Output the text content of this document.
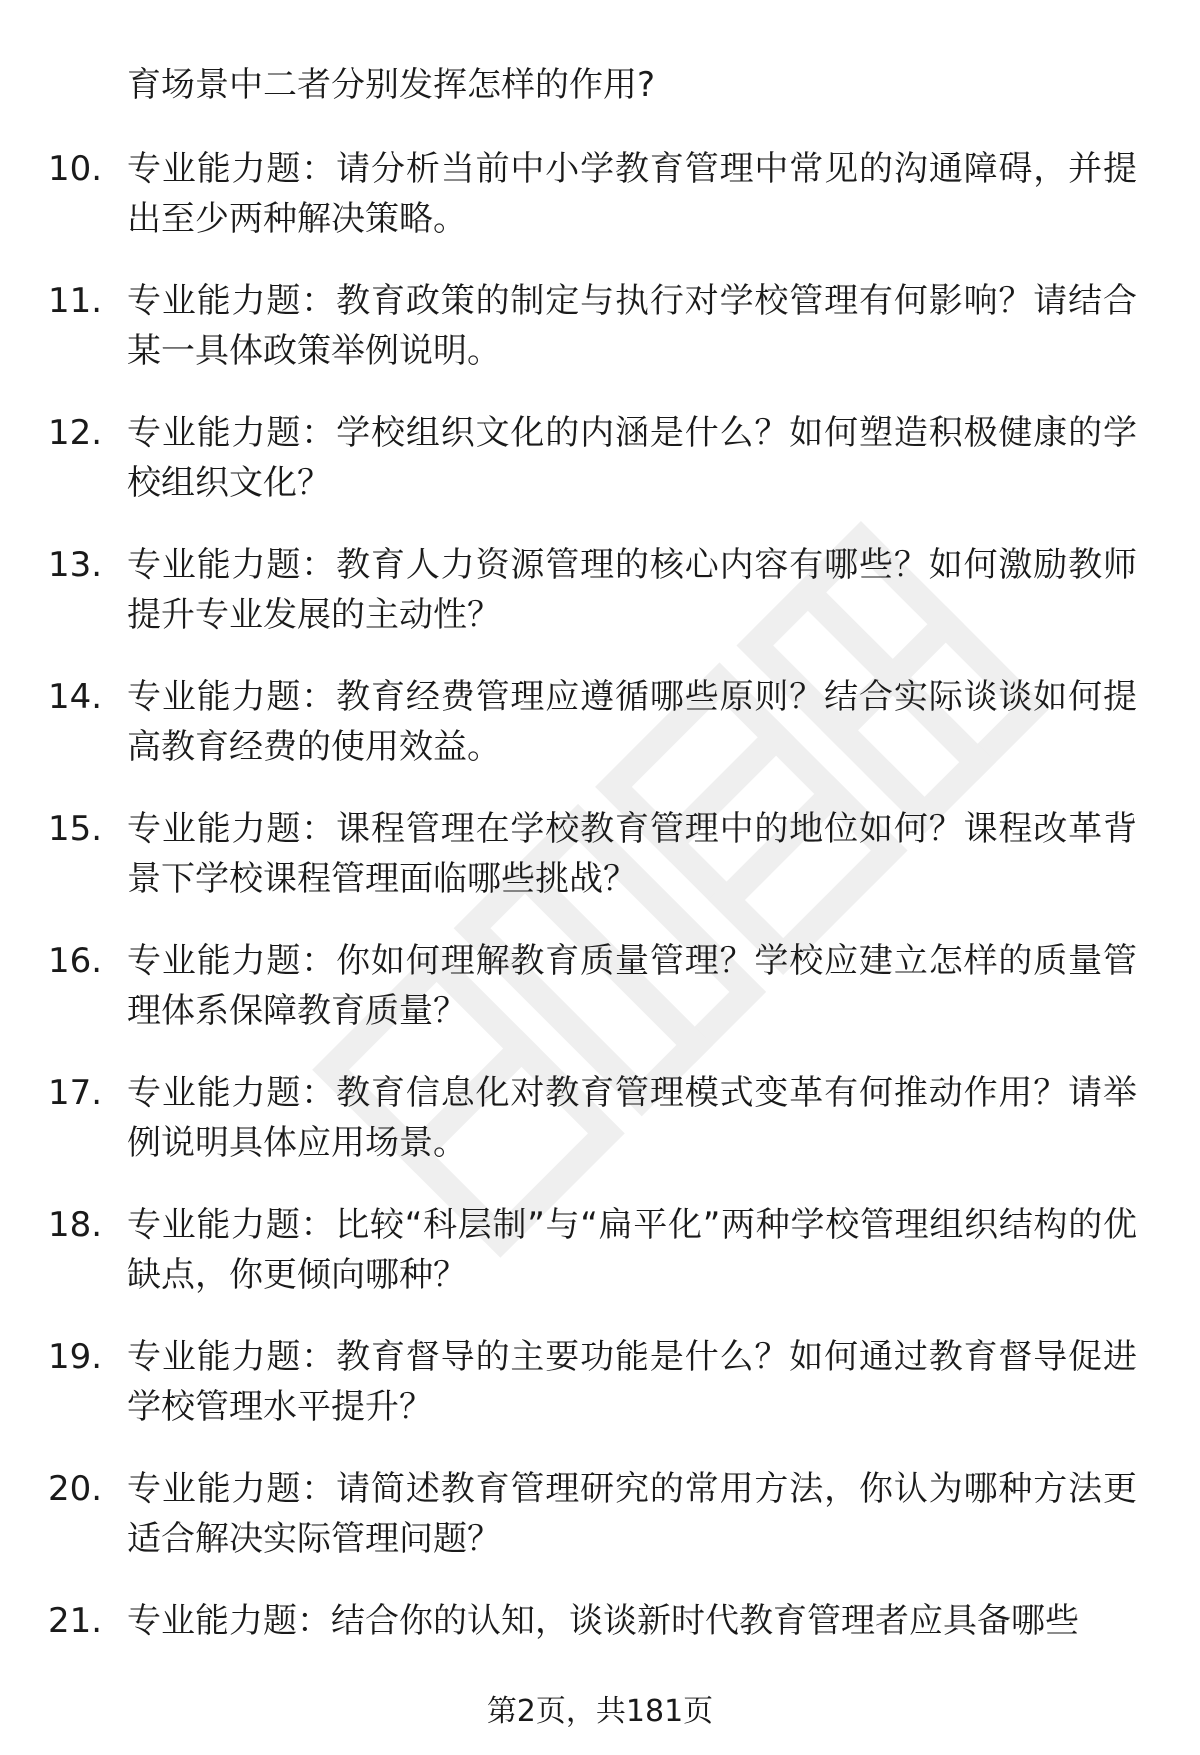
育场景中二者分别发挥怎样的作用?
10. 专业能力题：请分析当前中小学教育管理中常见的沟通障碍，并提出至少两种解决策略。
11. 专业能力题：教育政策的制定与执行对学校管理有何影响？请结合某一具体政策举例说明。
12. 专业能力题：学校组织文化的内涵是什么？如何塑造积极健康的学校组织文化？
13. 专业能力题：教育人力资源管理的核心内容有哪些？如何激励教师提升专业发展的主动性？
14. 专业能力题：教育经费管理应遵循哪些原则？结合实际谈谈如何提高教育经费的使用效益。
15. 专业能力题：课程管理在学校教育管理中的地位如何？课程改革背景下学校课程管理面临哪些挑战？
16. 专业能力题：你如何理解教育质量管理？学校应建立怎样的质量管理体系保障教育质量？
17. 专业能力题：教育信息化对教育管理模式变革有何推动作用？请举例说明具体应用场景。
18. 专业能力题：比较“科层制”与“扁平化”两种学校管理组织结构的优缺点，你更倾向哪种？
19. 专业能力题：教育督导的主要功能是什么？如何通过教育督导促进学校管理水平提升？
20. 专业能力题：请简述教育管理研究的常用方法，你认为哪种方法更适合解决实际管理问题？
21. 专业能力题：结合你的认知，谈谈新时代教育管理者应具备哪些
第2页，共181页
